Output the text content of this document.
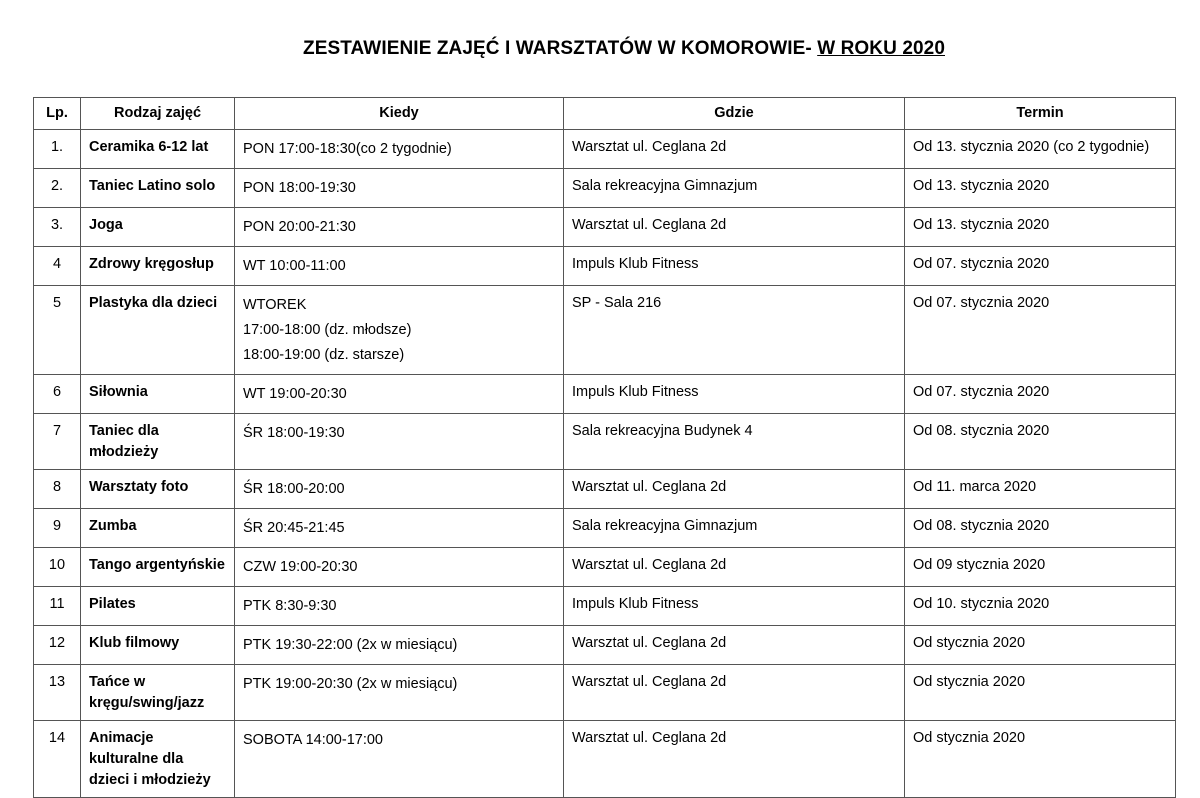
ZESTAWIENIE ZAJĘĆ I WARSZTATÓW W KOMOROWIE- W ROKU 2020
Lp.	Rodzaj zajęć	Kiedy	Gdzie	Termin
1.	Ceramika 6-12 lat	PON 17:00-18:30(co 2 tygodnie)	Warsztat ul. Ceglana 2d	Od 13. stycznia 2020 (co 2 tygodnie)
2.	Taniec Latino solo	PON 18:00-19:30	Sala rekreacyjna Gimnazjum	Od 13. stycznia 2020
3.	Joga	PON 20:00-21:30	Warsztat ul. Ceglana 2d	Od 13. stycznia 2020
4	Zdrowy kręgosłup	WT 10:00-11:00	Impuls Klub Fitness	Od 07. stycznia 2020
5	Plastyka dla dzieci	WTOREK
17:00-18:00 (dz. młodsze)
18:00-19:00 (dz. starsze)	SP - Sala 216	Od 07. stycznia 2020
6	Siłownia	WT 19:00-20:30	Impuls Klub Fitness	Od 07. stycznia 2020
7	Taniec dla młodzieży	ŚR 18:00-19:30	Sala rekreacyjna Budynek 4	Od 08. stycznia 2020
8	Warsztaty foto	ŚR 18:00-20:00	Warsztat ul. Ceglana 2d	Od 11. marca 2020
9	Zumba	ŚR 20:45-21:45	Sala rekreacyjna Gimnazjum	Od 08. stycznia 2020
10	Tango argentyńskie	CZW 19:00-20:30	Warsztat ul. Ceglana 2d	Od 09 stycznia 2020
11	Pilates	PTK 8:30-9:30	Impuls Klub Fitness	Od 10. stycznia 2020
12	Klub filmowy	PTK 19:30-22:00 (2x w miesiącu)	Warsztat ul. Ceglana 2d	Od stycznia 2020
13	Tańce w kręgu/swing/jazz	PTK 19:00-20:30 (2x w miesiącu)	Warsztat ul. Ceglana 2d	Od stycznia 2020
14	Animacje kulturalne dla dzieci i młodzieży	SOBOTA 14:00-17:00	Warsztat ul. Ceglana 2d	Od stycznia 2020
